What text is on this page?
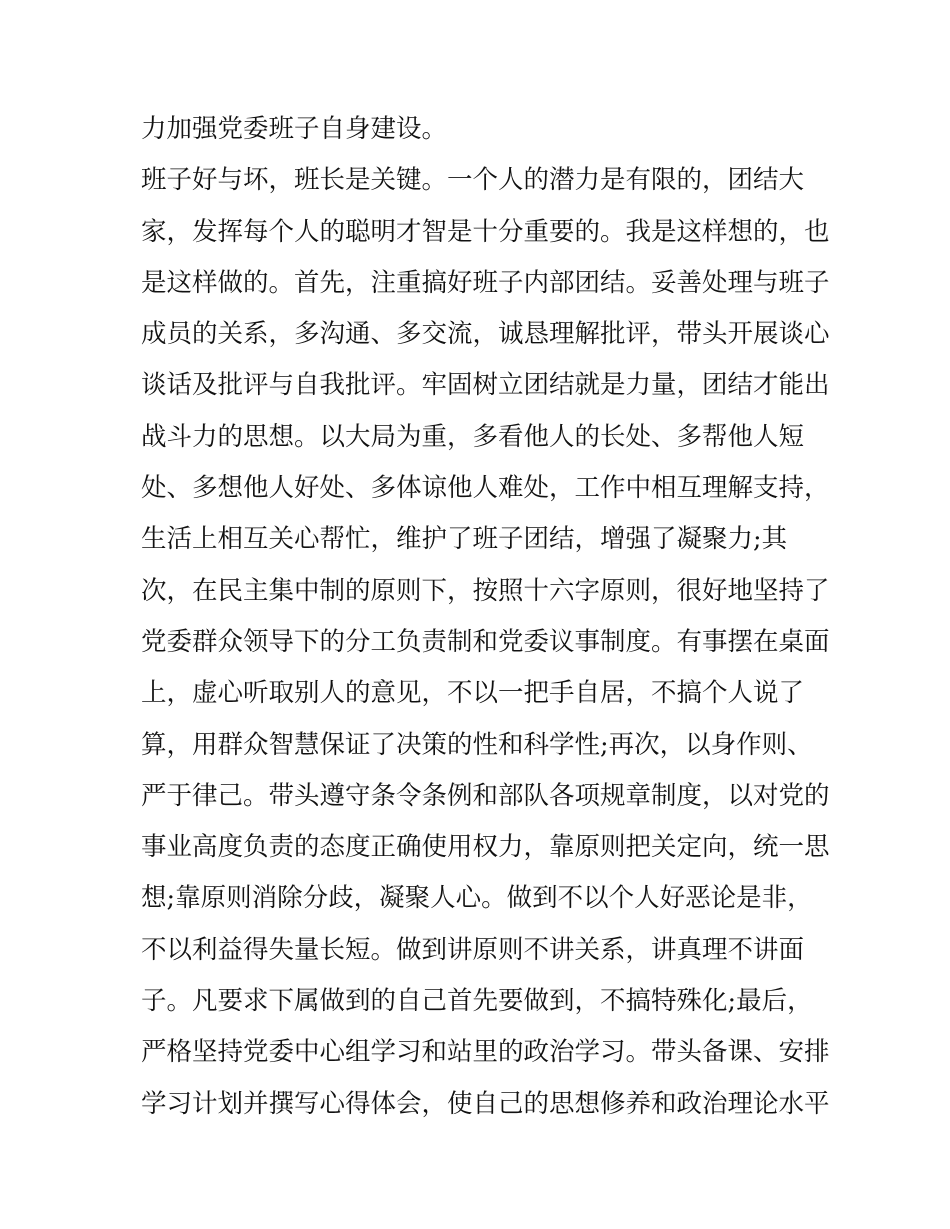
力加强党委班子自身建设。
班子好与坏，班长是关键。一个人的潜力是有限的，团结大
家，发挥每个人的聪明才智是十分重要的。我是这样想的，也
是这样做的。首先，注重搞好班子内部团结。妥善处理与班子
成员的关系，多沟通、多交流，诚恳理解批评，带头开展谈心
谈话及批评与自我批评。牢固树立团结就是力量，团结才能出
战斗力的思想。以大局为重，多看他人的长处、多帮他人短
处、多想他人好处、多体谅他人难处，工作中相互理解支持，
生活上相互关心帮忙，维护了班子团结，增强了凝聚力;其
次，在民主集中制的原则下，按照十六字原则，很好地坚持了
党委群众领导下的分工负责制和党委议事制度。有事摆在桌面
上，虚心听取别人的意见，不以一把手自居，不搞个人说了
算，用群众智慧保证了决策的性和科学性;再次，以身作则、
严于律己。带头遵守条令条例和部队各项规章制度，以对党的
事业高度负责的态度正确使用权力，靠原则把关定向，统一思
想;靠原则消除分歧，凝聚人心。做到不以个人好恶论是非，
不以利益得失量长短。做到讲原则不讲关系，讲真理不讲面
子。凡要求下属做到的自己首先要做到，不搞特殊化;最后，
严格坚持党委中心组学习和站里的政治学习。带头备课、安排
学习计划并撰写心得体会，使自己的思想修养和政治理论水平
